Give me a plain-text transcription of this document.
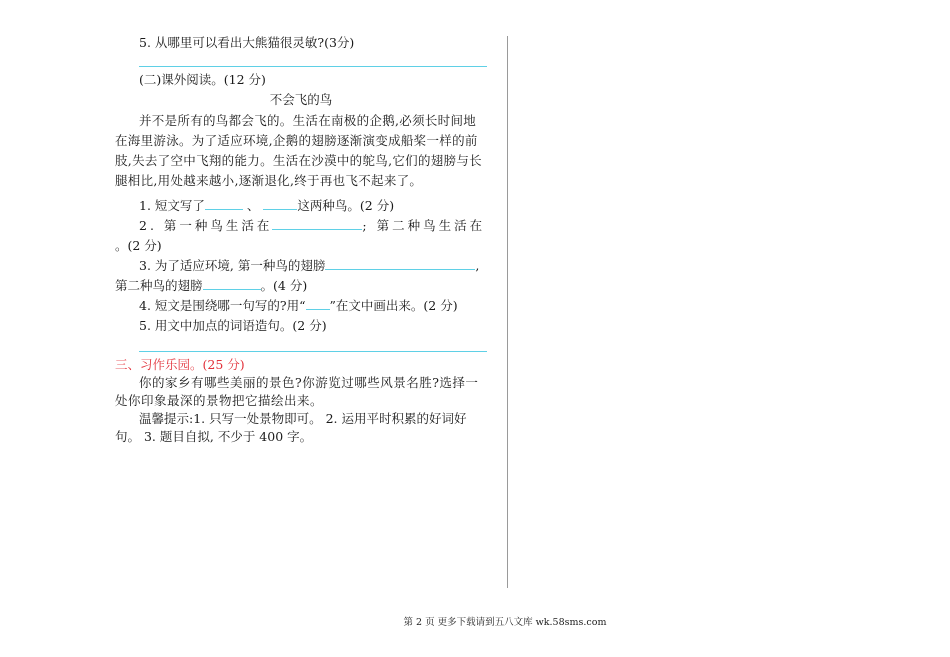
5. 从哪里可以看出大熊猫很灵敏?(3分)
(二)课外阅读。(12 分)
不会飞的鸟

并不是所有的鸟都会飞的。生活在南极的企鹅,必须长时间地在海里游泳。为了适应环境,企鹅的翅膀逐渐演变成船桨一样的前肢,失去了空中飞翔的能力。生活在沙漠中的鸵鸟,它们的翅膀与长腿相比,用处越来越小,逐渐退化,终于再也飞不起来了。

1. 短文写了	、	这两种鸟。(2 分)
2. 第一种鸟生活在	; 第二种鸟生活在
。(2 分)
3. 为了适应环境, 第一种鸟的翅膀	,
第二种鸟的翅膀	。(4 分)
4. 短文是围绕哪一句写的?用“ ”在文中画出来。(2 分)
5. 用文中加点的词语造句。(2 分)
三、习作乐园。(25 分)

你的家乡有哪些美丽的景色?你游览过哪些风景名胜?选择一处你印象最深的景物把它描绘出来。

温馨提示:1. 只写一处景物即可。 2. 运用平时积累的好词好
句。 3. 题目自拟, 不少于 400 字。
第 2 页 更多下载请到五八文库 wk.58sms.com
